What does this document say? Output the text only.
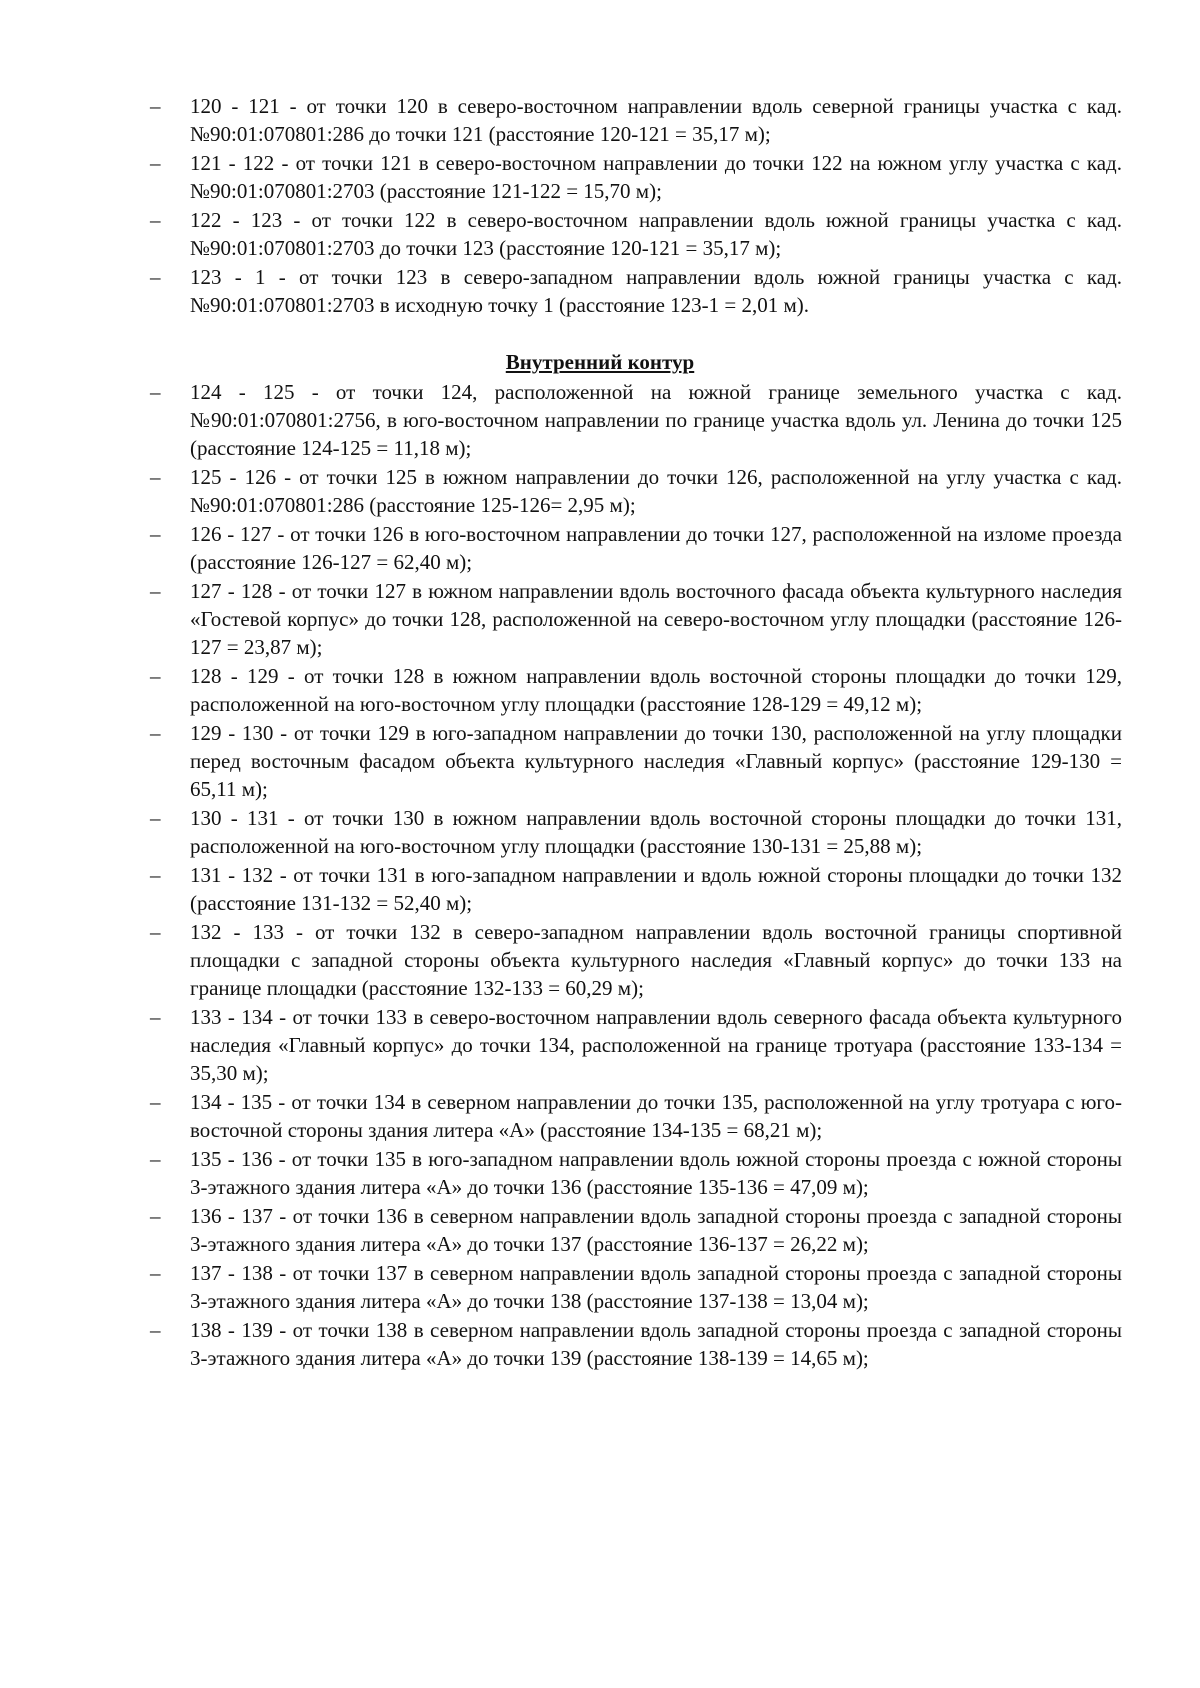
–	120 - 121 - от точки 120 в северо-восточном направлении вдоль северной границы участка с кад. №90:01:070801:286 до точки 121 (расстояние 120-121 = 35,17 м);
–	121 - 122 - от точки 121 в северо-восточном направлении до точки 122 на южном углу участка с кад. №90:01:070801:2703 (расстояние 121-122 = 15,70 м);
–	122 - 123 - от точки 122 в северо-восточном направлении вдоль южной границы участка с кад. №90:01:070801:2703 до точки 123 (расстояние 120-121 = 35,17 м);
–	123 - 1 - от точки 123 в северо-западном направлении вдоль южной границы участка с кад. №90:01:070801:2703 в исходную точку 1 (расстояние 123-1 = 2,01 м).
Внутренний контур
–	124 - 125 - от точки 124, расположенной на южной границе земельного участка с кад. №90:01:070801:2756, в юго-восточном направлении по границе участка вдоль ул. Ленина до точки 125 (расстояние 124-125 = 11,18 м);
–	125 - 126 - от точки 125 в южном направлении до точки 126, расположенной на углу участка с кад. №90:01:070801:286 (расстояние 125-126= 2,95 м);
–	126 - 127 - от точки 126 в юго-восточном направлении до точки 127, расположенной на изломе проезда (расстояние 126-127 = 62,40 м);
–	127 - 128 - от точки 127 в южном направлении вдоль восточного фасада объекта культурного наследия «Гостевой корпус» до точки 128, расположенной на северо-восточном углу площадки (расстояние 126-127 = 23,87 м);
–	128 - 129 - от точки 128 в южном направлении вдоль восточной стороны площадки до точки 129, расположенной на юго-восточном углу площадки (расстояние 128-129 = 49,12 м);
–	129 - 130 - от точки 129 в юго-западном направлении до точки 130, расположенной на углу площадки перед восточным фасадом объекта культурного наследия «Главный корпус» (расстояние 129-130 = 65,11 м);
–	130 - 131 - от точки 130 в южном направлении вдоль восточной стороны площадки до точки 131, расположенной на юго-восточном углу площадки (расстояние 130-131 = 25,88 м);
–	131 - 132 - от точки 131 в юго-западном направлении и вдоль южной стороны площадки до точки 132 (расстояние 131-132 = 52,40 м);
–	132 - 133 - от точки 132 в северо-западном направлении вдоль восточной границы спортивной площадки с западной стороны объекта культурного наследия «Главный корпус» до точки 133 на границе площадки (расстояние 132-133 = 60,29 м);
–	133 - 134 - от точки 133 в северо-восточном направлении вдоль северного фасада объекта культурного наследия «Главный корпус» до точки 134, расположенной на границе тротуара (расстояние 133-134 = 35,30 м);
–	134 - 135 - от точки 134 в северном направлении до точки 135, расположенной на углу тротуара с юго-восточной стороны здания литера «А» (расстояние 134-135 = 68,21 м);
–	135 - 136 - от точки 135 в юго-западном направлении вдоль южной стороны проезда с южной стороны 3-этажного здания литера «А» до точки 136 (расстояние 135-136 = 47,09 м);
–	136 - 137 - от точки 136 в северном направлении вдоль западной стороны проезда с западной стороны 3-этажного здания литера «А» до точки 137 (расстояние 136-137 = 26,22 м);
–	137 - 138 - от точки 137 в северном направлении вдоль западной стороны проезда с западной стороны 3-этажного здания литера «А» до точки 138 (расстояние 137-138 = 13,04 м);
–	138 - 139 - от точки 138 в северном направлении вдоль западной стороны проезда с западной стороны 3-этажного здания литера «А» до точки 139 (расстояние 138-139 = 14,65 м);
